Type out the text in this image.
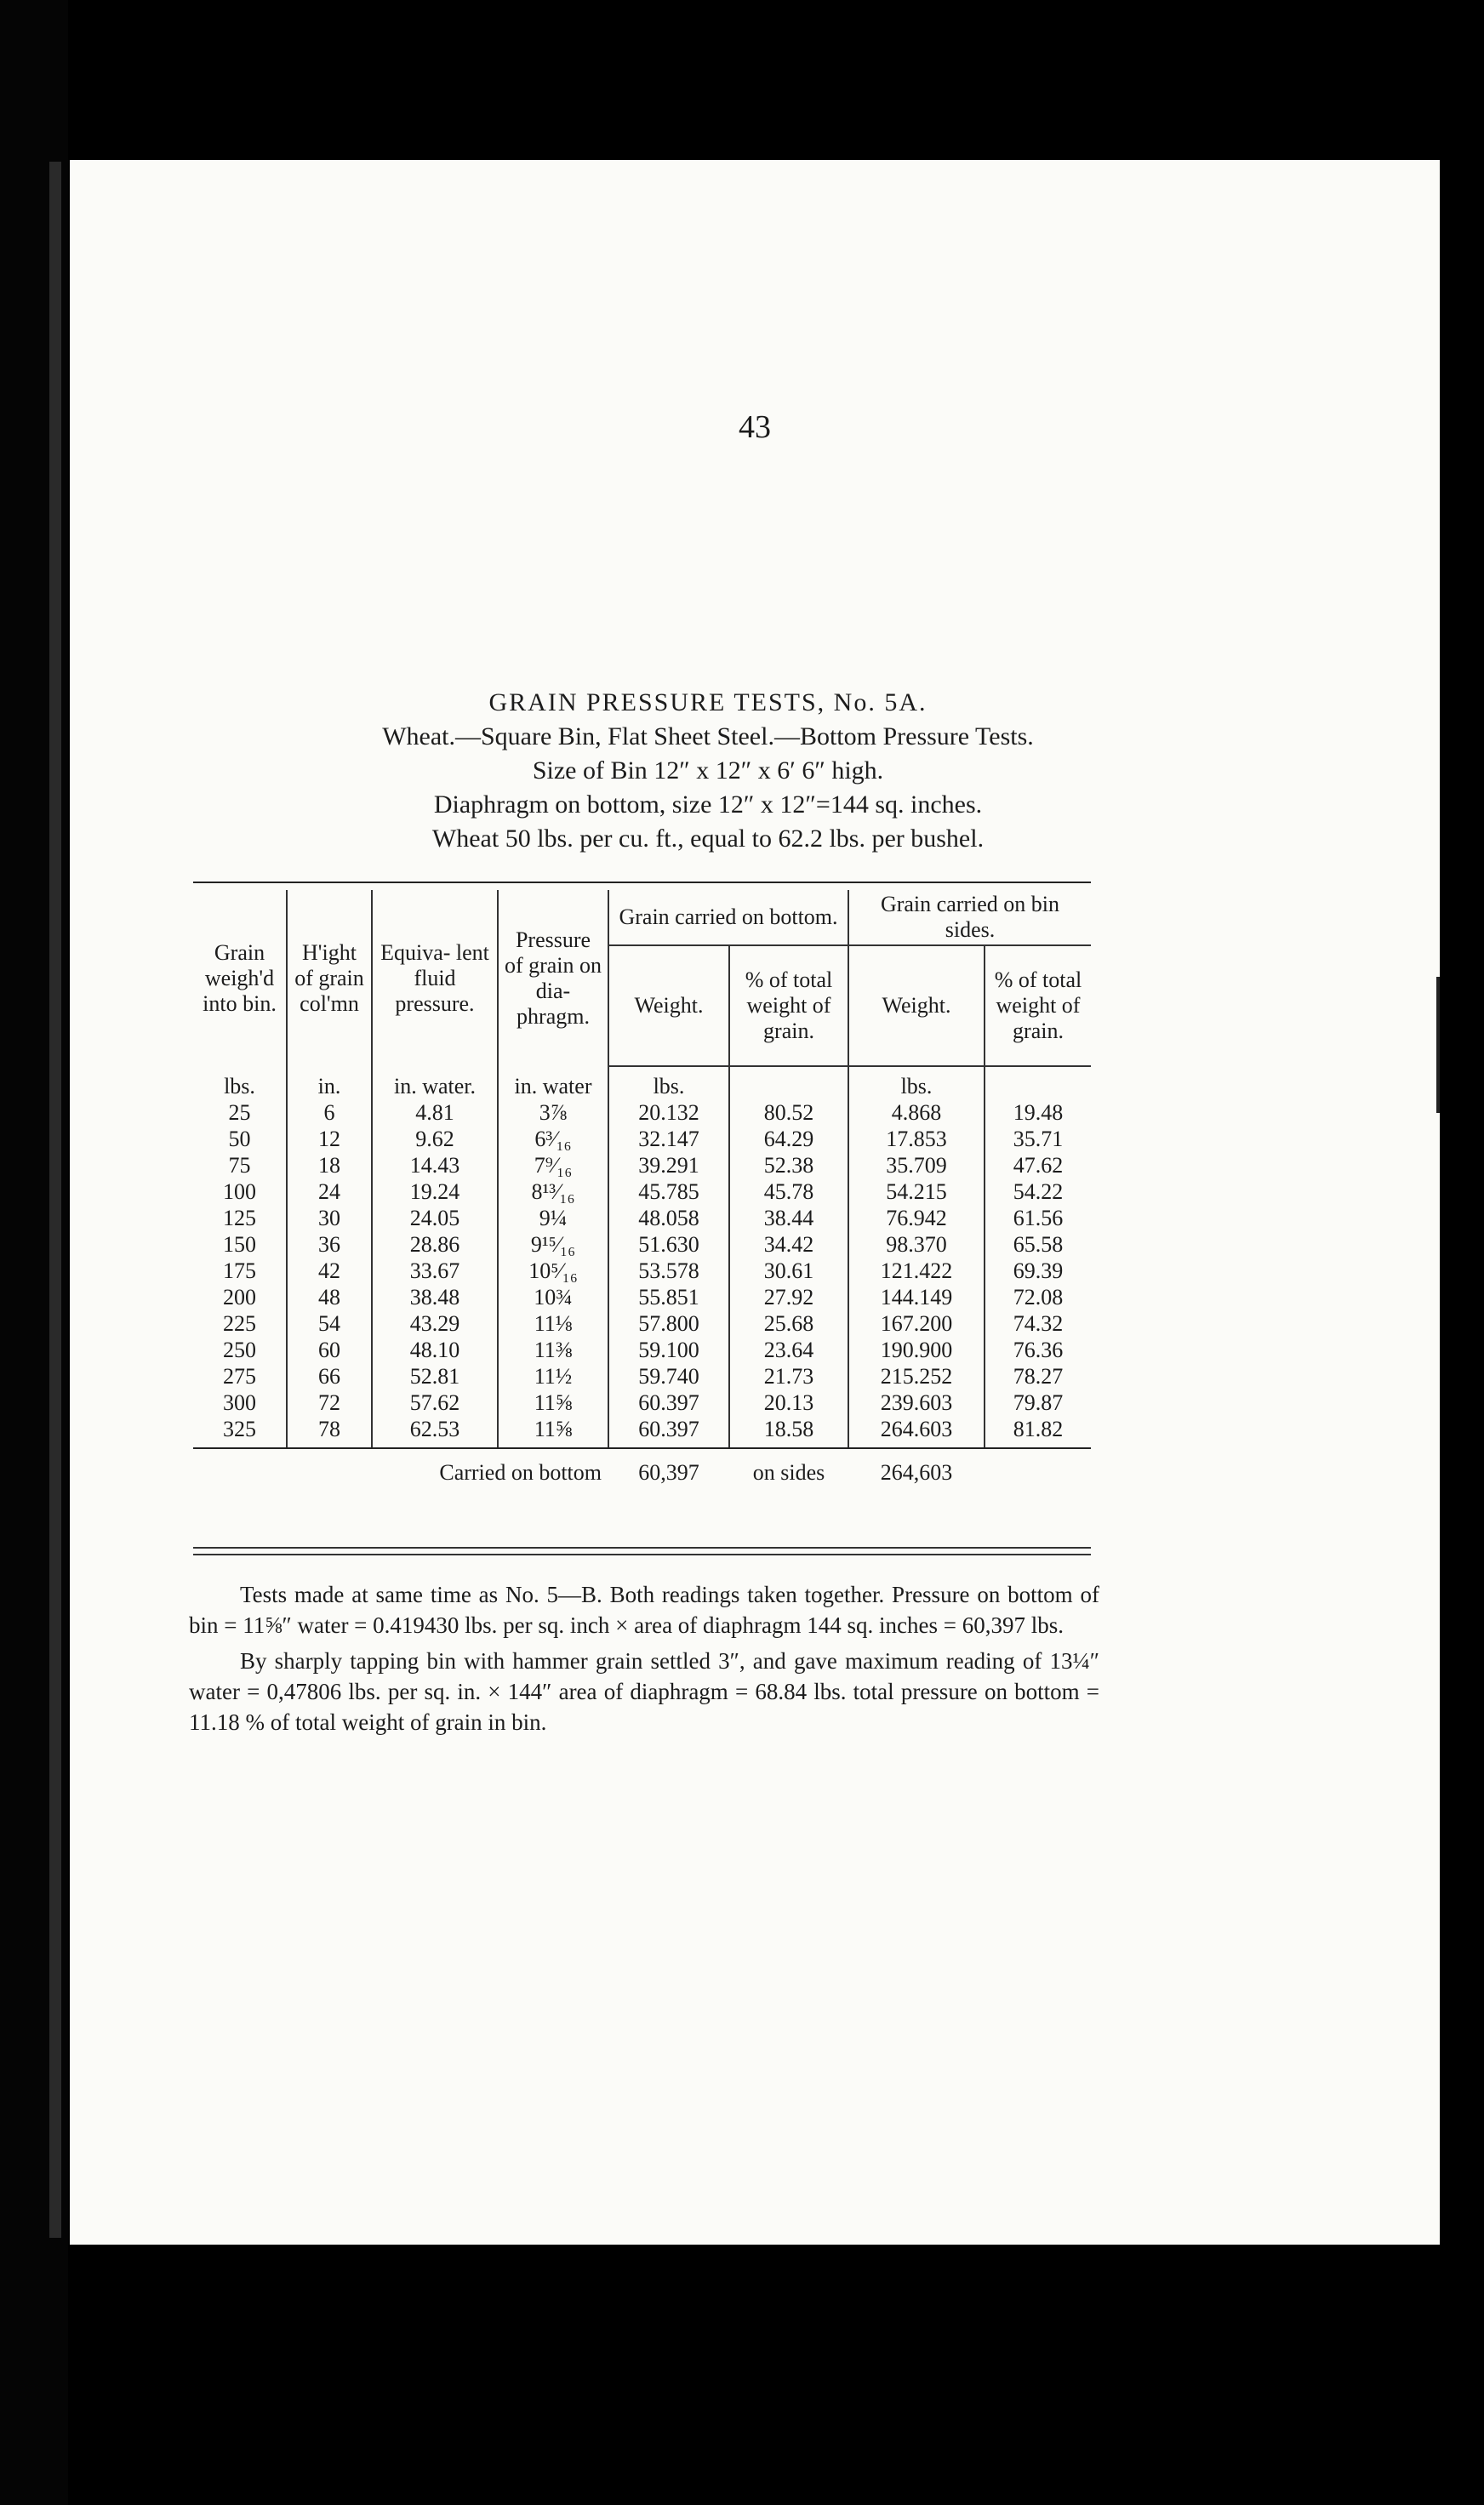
43
GRAIN PRESSURE TESTS, No. 5A.
Wheat.—Square Bin, Flat Sheet Steel.—Bottom Pressure Tests.
Size of Bin 12″ x 12″ x 6′ 6″ high.
Diaphragm on bottom, size 12″ x 12″=144 sq. inches.
Wheat 50 lbs. per cu. ft., equal to 62.2 lbs. per bushel.

Grain weigh'd into bin.	H'ight of grain col'mn	Equiva- lent fluid pressure.	Pressure of grain on dia- phragm.	Grain carried on bottom.		Grain carried on bin sides.	
				Weight.	% of total weight of grain.	Weight.	% of total weight of grain.
lbs.	in.	in. water.	in. water	lbs.		lbs.	
25	6	4.81	3⅞	20.132	80.52	4.868	19.48
50	12	9.62	6³⁄₁₆	32.147	64.29	17.853	35.71
75	18	14.43	7⁹⁄₁₆	39.291	52.38	35.709	47.62
100	24	19.24	8¹³⁄₁₆	45.785	45.78	54.215	54.22
125	30	24.05	9¼	48.058	38.44	76.942	61.56
150	36	28.86	9¹⁵⁄₁₆	51.630	34.42	98.370	65.58
175	42	33.67	10⁵⁄₁₆	53.578	30.61	121.422	69.39
200	48	38.48	10¾	55.851	27.92	144.149	72.08
225	54	43.29	11⅛	57.800	25.68	167.200	74.32
250	60	48.10	11⅜	59.100	23.64	190.900	76.36
275	66	52.81	11½	59.740	21.73	215.252	78.27
300	72	57.62	11⅝	60.397	20.13	239.603	79.87
325	78	62.53	11⅝	60.397	18.58	264.603	81.82
Carried on bottom				60,397	on sides	264,603	

Tests made at same time as No. 5—B. Both readings taken together. Pressure on bottom of bin = 11⅝″ water = 0.419430 lbs. per sq. inch × area of diaphragm 144 sq. inches = 60,397 lbs.

By sharply tapping bin with hammer grain settled 3″, and gave maximum reading of 13¼″ water = 0,47806 lbs. per sq. in. × 144″ area of diaphragm = 68.84 lbs. total pressure on bottom = 11.18 % of total weight of grain in bin.
